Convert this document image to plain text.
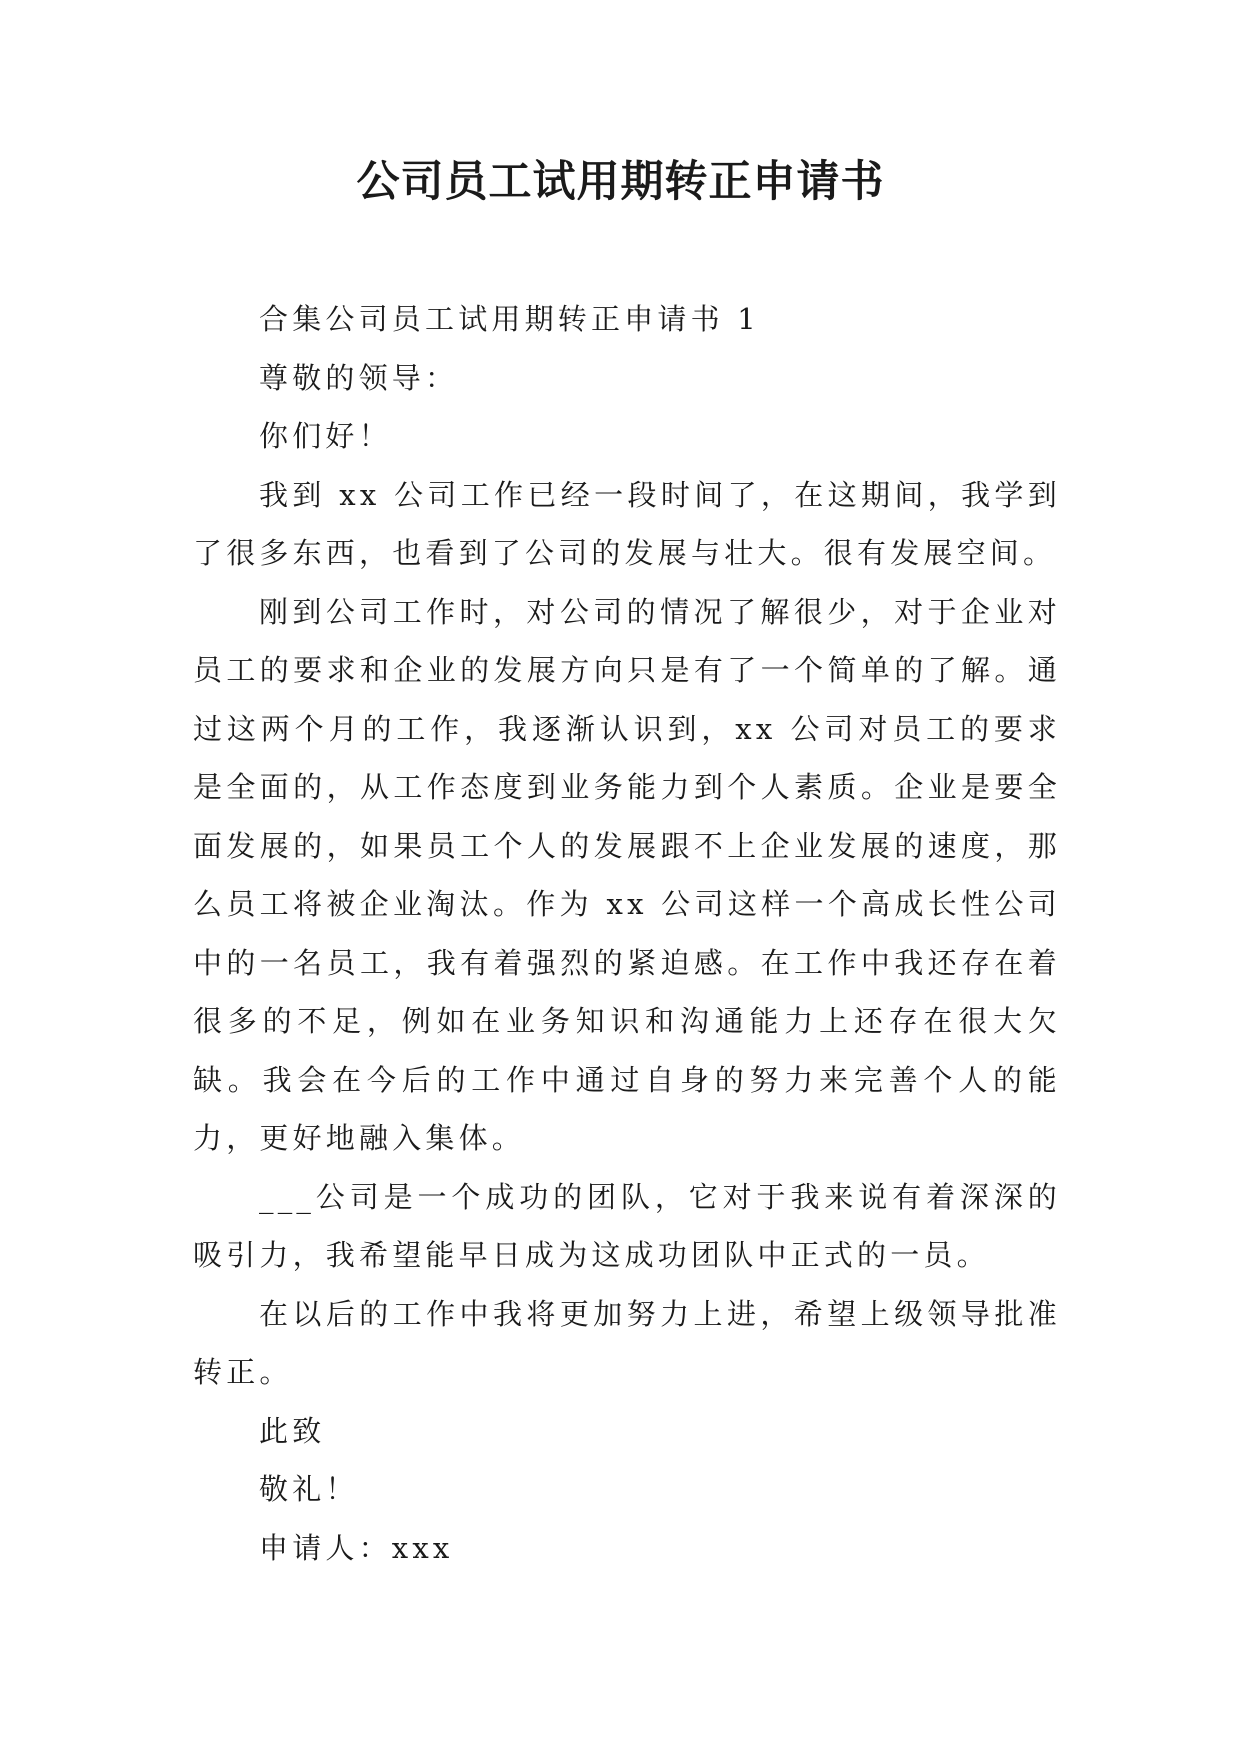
公司员工试用期转正申请书

合集公司员工试用期转正申请书 1

尊敬的领导：

你们好！

我到 xx 公司工作已经一段时间了，在这期间，我学到了很多东西，也看到了公司的发展与壮大。很有发展空间。

刚到公司工作时，对公司的情况了解很少，对于企业对员工的要求和企业的发展方向只是有了一个简单的了解。通过这两个月的工作，我逐渐认识到，xx 公司对员工的要求是全面的，从工作态度到业务能力到个人素质。企业是要全面发展的，如果员工个人的发展跟不上企业发展的速度，那么员工将被企业淘汰。作为 xx 公司这样一个高成长性公司中的一名员工，我有着强烈的紧迫感。在工作中我还存在着很多的不足，例如在业务知识和沟通能力上还存在很大欠缺。我会在今后的工作中通过自身的努力来完善个人的能力，更好地融入集体。

___公司是一个成功的团队，它对于我来说有着深深的吸引力，我希望能早日成为这成功团队中正式的一员。

在以后的工作中我将更加努力上进，希望上级领导批准转正。

此致

敬礼！

申请人：xxx
